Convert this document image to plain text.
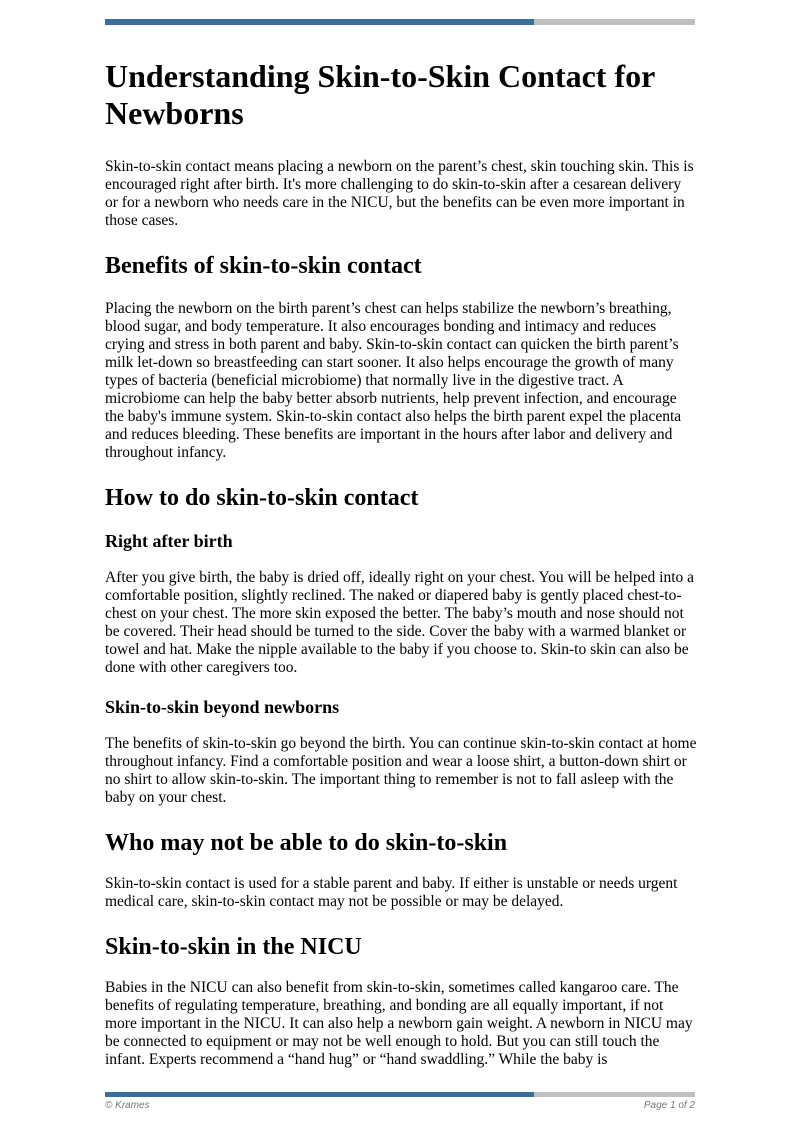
Understanding Skin-to-Skin Contact for Newborns

Skin-to-skin contact means placing a newborn on the parent’s chest, skin touching skin. This is encouraged right after birth. It's more challenging to do skin-to-skin after a cesarean delivery or for a newborn who needs care in the NICU, but the benefits can be even more important in those cases.

Benefits of skin-to-skin contact

Placing the newborn on the birth parent’s chest can helps stabilize the newborn’s breathing, blood sugar, and body temperature. It also encourages bonding and intimacy and reduces crying and stress in both parent and baby. Skin-to-skin contact can quicken the birth parent’s milk let-down so breastfeeding can start sooner. It also helps encourage the growth of many types of bacteria (beneficial microbiome) that normally live in the digestive tract. A microbiome can help the baby better absorb nutrients, help prevent infection, and encourage the baby's immune system. Skin-to-skin contact also helps the birth parent expel the placenta and reduces bleeding. These benefits are important in the hours after labor and delivery and throughout infancy.

How to do skin-to-skin contact
Right after birth

After you give birth, the baby is dried off, ideally right on your chest. You will be helped into a comfortable position, slightly reclined. The naked or diapered baby is gently placed chest-to-chest on your chest. The more skin exposed the better. The baby’s mouth and nose should not be covered. Their head should be turned to the side. Cover the baby with a warmed blanket or towel and hat. Make the nipple available to the baby if you choose to. Skin-to skin can also be done with other caregivers too.

Skin-to-skin beyond newborns

The benefits of skin-to-skin go beyond the birth. You can continue skin-to-skin contact at home throughout infancy. Find a comfortable position and wear a loose shirt, a button-down shirt or no shirt to allow skin-to-skin. The important thing to remember is not to fall asleep with the baby on your chest.

Who may not be able to do skin-to-skin

Skin-to-skin contact is used for a stable parent and baby. If either is unstable or needs urgent medical care, skin-to-skin contact may not be possible or may be delayed.

Skin-to-skin in the NICU

Babies in the NICU can also benefit from skin-to-skin, sometimes called kangaroo care. The benefits of regulating temperature, breathing, and bonding are all equally important, if not more important in the NICU. It can also help a newborn gain weight. A newborn in NICU may be connected to equipment or may not be well enough to hold. But you can still touch the infant. Experts recommend a “hand hug” or “hand swaddling.” While the baby is

© Krames	Page 1 of 2
